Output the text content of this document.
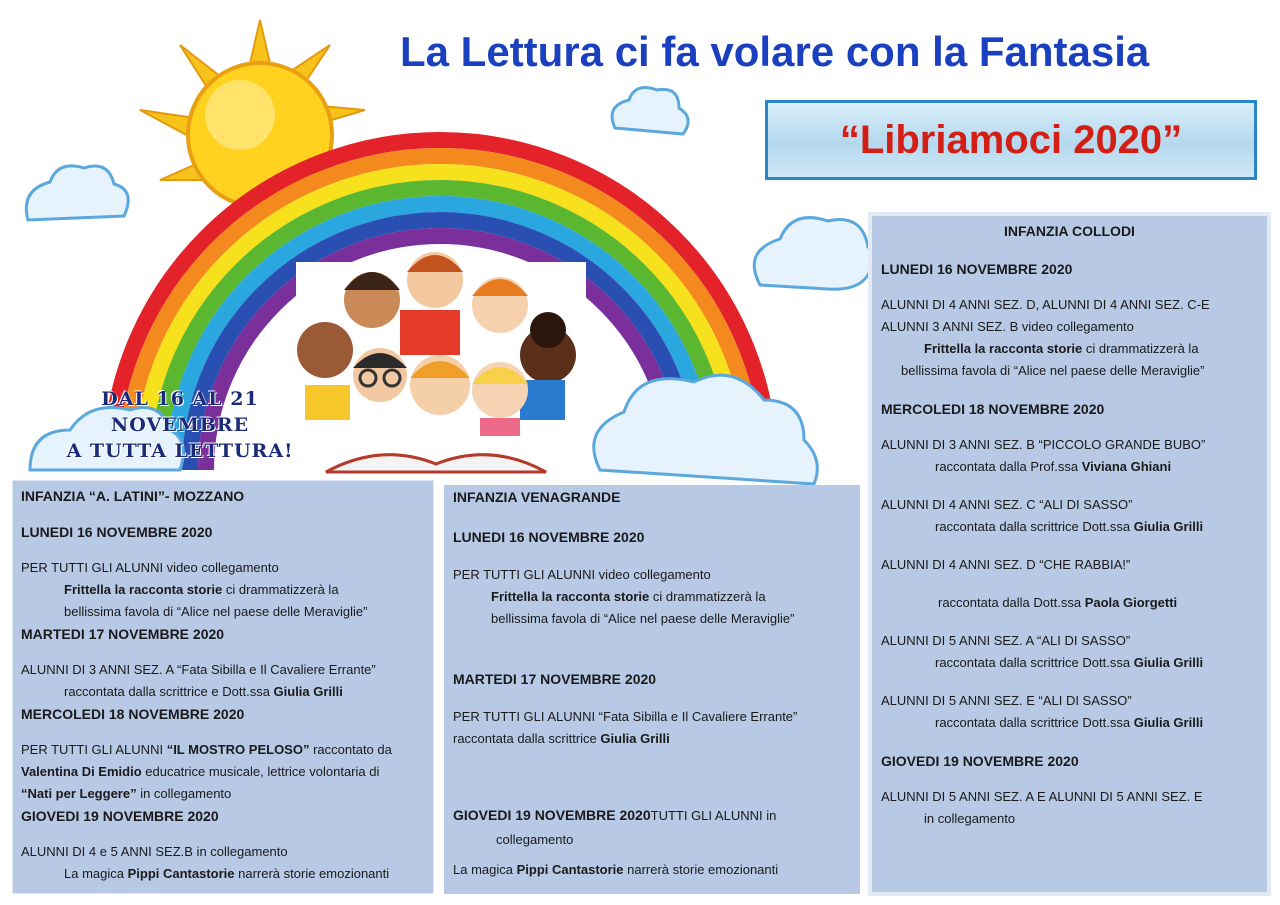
La Lettura ci fa volare con la Fantasia
“Libriamoci 2020”
DAL 16 AL 21
NOVEMBRE
A TUTTA LETTURA!
INFANZIA “A. LATINI”- MOZZANO
LUNEDI 16 NOVEMBRE 2020
PER TUTTI GLI ALUNNI video collegamento
Frittella la racconta storie ci drammatizzerà la
bellissima favola di “Alice nel paese delle Meraviglie”
MARTEDI 17 NOVEMBRE 2020
ALUNNI DI 3 ANNI SEZ. A “Fata Sibilla e Il Cavaliere Errante”
raccontata dalla scrittrice e Dott.ssa Giulia Grilli
MERCOLEDI 18 NOVEMBRE 2020
PER TUTTI GLI ALUNNI “IL MOSTRO PELOSO” raccontato da
Valentina Di Emidio educatrice musicale, lettrice volontaria di
“Nati per Leggere” in collegamento
GIOVEDI 19 NOVEMBRE 2020
ALUNNI DI 4 e 5 ANNI SEZ.B in collegamento
La magica Pippi Cantastorie narrerà storie emozionanti
INFANZIA VENAGRANDE
LUNEDI 16 NOVEMBRE 2020
PER TUTTI GLI ALUNNI video collegamento
Frittella la racconta storie ci drammatizzerà la
bellissima favola di “Alice nel paese delle Meraviglie”
MARTEDI 17 NOVEMBRE 2020
PER TUTTI GLI ALUNNI “Fata Sibilla e Il Cavaliere Errante”
raccontata dalla scrittrice Giulia Grilli
GIOVEDI 19 NOVEMBRE 2020TUTTI GLI ALUNNI in
collegamento
La magica Pippi Cantastorie narrerà storie emozionanti
INFANZIA COLLODI
LUNEDI 16 NOVEMBRE 2020
ALUNNI DI 4 ANNI SEZ. D, ALUNNI DI 4 ANNI SEZ. C-E
ALUNNI 3 ANNI SEZ. B video collegamento
Frittella la racconta storie ci drammatizzerà la
bellissima favola di “Alice nel paese delle Meraviglie”
MERCOLEDI 18 NOVEMBRE 2020
ALUNNI DI 3 ANNI SEZ. B “PICCOLO GRANDE BUBO”
raccontata dalla Prof.ssa Viviana Ghiani
ALUNNI DI 4 ANNI SEZ. C “ALI DI SASSO”
raccontata dalla scrittrice Dott.ssa Giulia Grilli
ALUNNI DI 4 ANNI SEZ. D “CHE RABBIA!”
raccontata dalla Dott.ssa Paola Giorgetti
ALUNNI DI 5 ANNI SEZ. A “ALI DI SASSO”
raccontata dalla scrittrice Dott.ssa Giulia Grilli
ALUNNI DI 5 ANNI SEZ. E “ALI DI SASSO”
raccontata dalla scrittrice Dott.ssa Giulia Grilli
GIOVEDI 19 NOVEMBRE 2020
ALUNNI DI 5 ANNI SEZ. A E ALUNNI DI 5 ANNI SEZ. E
in collegamento
